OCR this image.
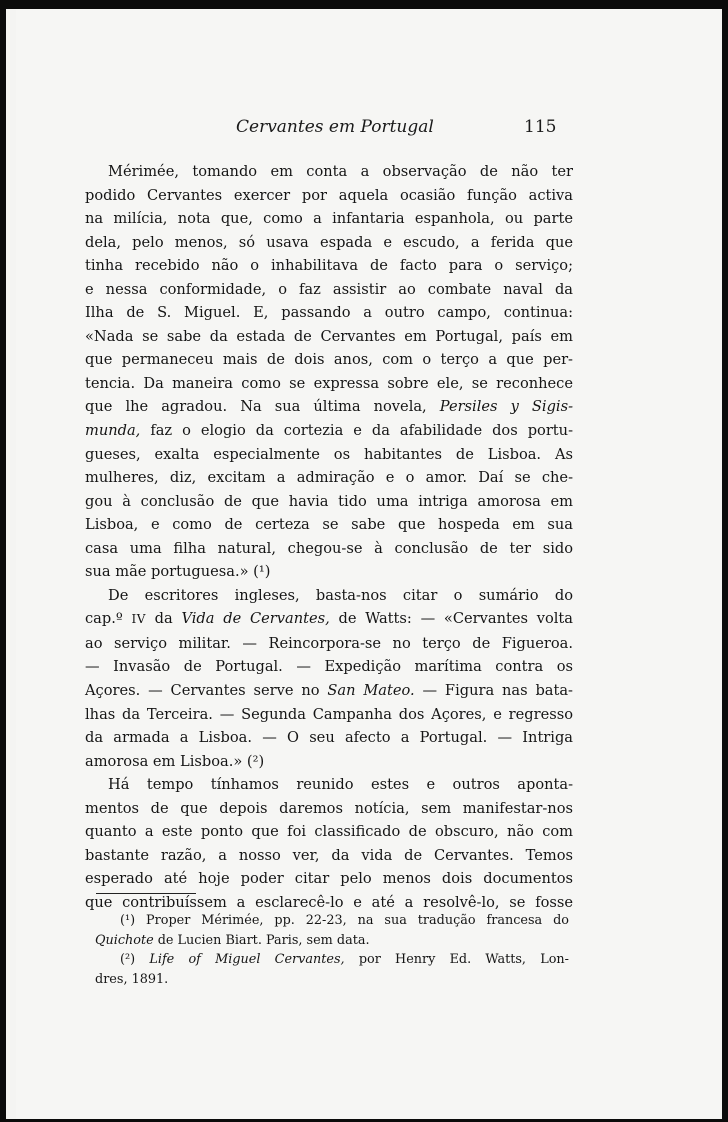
Cervantes em Portugal	115
Mérimée, tomando em conta a observação de não ter
podido Cervantes exercer por aquela ocasião função activa
na milícia, nota que, como a infantaria espanhola, ou parte
dela, pelo menos, só usava espada e escudo, a ferida que
tinha recebido não o inhabilitava de facto para o serviço;
e nessa conformidade, o faz assistir ao combate naval da
Ilha de S. Miguel. E, passando a outro campo, continua:
«Nada se sabe da estada de Cervantes em Portugal, país em
que permaneceu mais de dois anos, com o terço a que per-
tencia. Da maneira como se expressa sobre ele, se reconhece
que lhe agradou. Na sua última novela, Persiles y Sigis-
munda, faz o elogio da cortezia e da afabilidade dos portu-
gueses, exalta especialmente os habitantes de Lisboa. As
mulheres, diz, excitam a admiração e o amor. Daí se che-
gou à conclusão de que havia tido uma intriga amorosa em
Lisboa, e como de certeza se sabe que hospeda em sua
casa uma filha natural, chegou-se à conclusão de ter sido
sua mãe portuguesa.» (¹)
De escritores ingleses, basta-nos citar o sumário do
cap.º IV da Vida de Cervantes, de Watts: — «Cervantes volta
ao serviço militar. — Reincorpora-se no terço de Figueroa.
— Invasão de Portugal. — Expedição marítima contra os
Açores. — Cervantes serve no San Mateo. — Figura nas bata-
lhas da Terceira. — Segunda Campanha dos Açores, e regresso
da armada a Lisboa. — O seu afecto a Portugal. — Intriga
amorosa em Lisboa.» (²)
Há tempo tínhamos reunido estes e outros aponta-
mentos de que depois daremos notícia, sem manifestar-nos
quanto a este ponto que foi classificado de obscuro, não com
bastante razão, a nosso ver, da vida de Cervantes. Temos
esperado até hoje poder citar pelo menos dois documentos
que contribuíssem a esclarecê-lo e até a resolvê-lo, se fosse
(¹) Proper Mérimée, pp. 22-23, na sua tradução francesa do
Quichote de Lucien Biart. Paris, sem data.
(²) Life of Miguel Cervantes, por Henry Ed. Watts, Lon-
dres, 1891.
